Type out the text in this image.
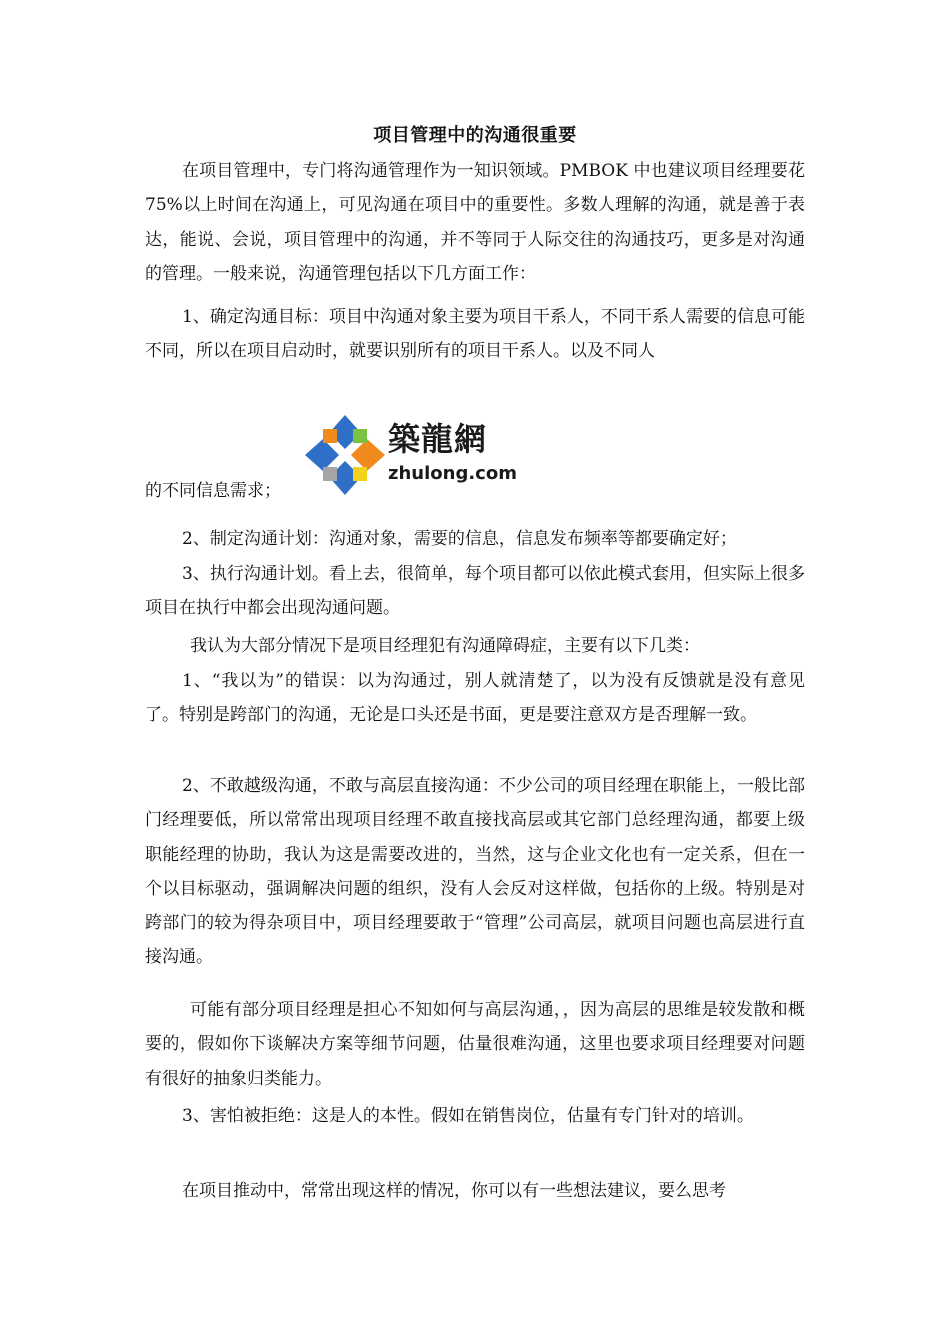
项目管理中的沟通很重要

在项目管理中，专门将沟通管理作为一知识领域。PMBOK 中也建议项目经理要花 75%以上时间在沟通上，可见沟通在项目中的重要性。多数人理解的沟通，就是善于表达，能说、会说，项目管理中的沟通，并不等同于人际交往的沟通技巧，更多是对沟通的管理。一般来说，沟通管理包括以下几方面工作：

1、确定沟通目标：项目中沟通对象主要为项目干系人，不同干系人需要的信息可能不同，所以在项目启动时，就要识别所有的项目干系人。以及不同人

築龍網
zhulong.com

的不同信息需求；

2、制定沟通计划：沟通对象，需要的信息，信息发布频率等都要确定好；

3、执行沟通计划。看上去，很简单，每个项目都可以依此模式套用，但实际上很多项目在执行中都会出现沟通问题。

我认为大部分情况下是项目经理犯有沟通障碍症，主要有以下几类：

1、“我以为”的错误：以为沟通过，别人就清楚了，以为没有反馈就是没有意见了。特别是跨部门的沟通，无论是口头还是书面，更是要注意双方是否理解一致。

2、不敢越级沟通，不敢与高层直接沟通：不少公司的项目经理在职能上，一般比部门经理要低，所以常常出现项目经理不敢直接找高层或其它部门总经理沟通，都要上级职能经理的协助，我认为这是需要改进的，当然，这与企业文化也有一定关系，但在一个以目标驱动，强调解决问题的组织，没有人会反对这样做，包括你的上级。特别是对跨部门的较为得杂项目中，项目经理要敢于“管理”公司高层，就项目问题也高层进行直接沟通。

可能有部分项目经理是担心不知如何与高层沟通，，因为高层的思维是较发散和概要的，假如你下谈解决方案等细节问题，估量很难沟通，这里也要求项目经理要对问题有很好的抽象归类能力。

3、害怕被拒绝：这是人的本性。假如在销售岗位，估量有专门针对的培训。

在项目推动中，常常出现这样的情况，你可以有一些想法建议，要么思考
